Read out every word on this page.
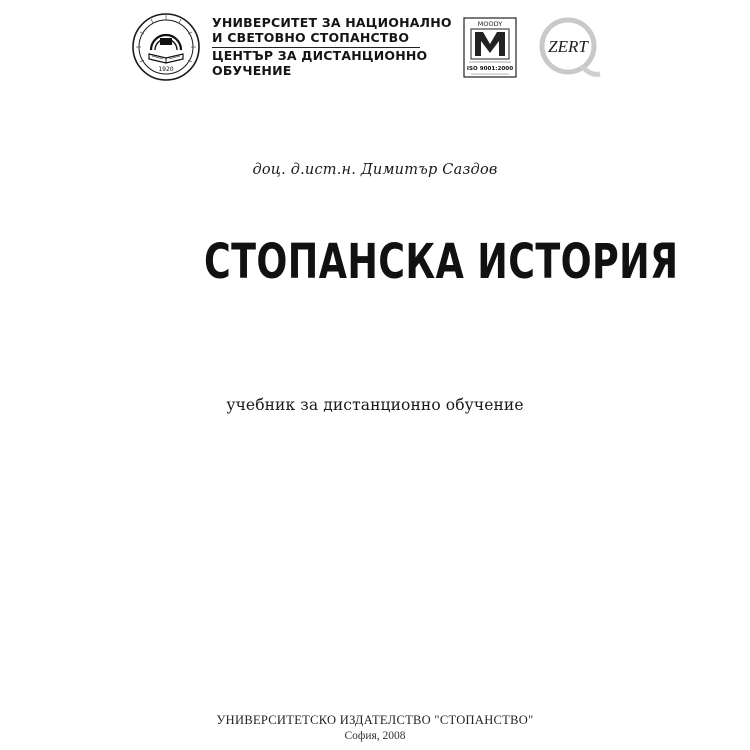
1920
УНИВЕРСИТЕТ ЗА НАЦИОНАЛНО
И СВЕТОВНО СТОПАНСТВО
ЦЕНТЪР ЗА ДИСТАНЦИОННО
ОБУЧЕНИЕ
MOODY
ISO 9001:2000
ZERT
доц. д.ист.н. Димитър Саздов
СТОПАНСКА ИСТОРИЯ
учебник за дистанционно обучение
УНИВЕРСИТЕТСКО ИЗДАТЕЛСТВО "СТОПАНСТВО"
София, 2008
